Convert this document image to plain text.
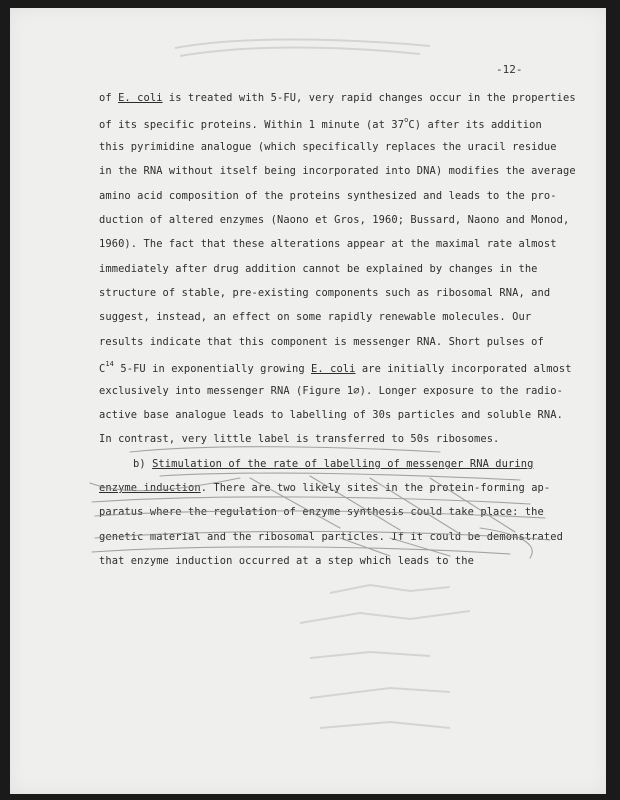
-12-
of E. coli is treated with 5-FU, very rapid changes occur in the properties
of its specific proteins. Within 1 minute (at 37$^o$C) after its addition
this pyrimidine analogue (which specifically replaces the uracil residue
in the RNA without itself being incorporated into DNA) modifies the average
amino acid composition of the proteins synthesized and leads to the pro-
duction of altered enzymes (Naono et Gros, 1960; Bussard, Naono and Monod,
1960). The fact that these alterations appear at the maximal rate almost
immediately after drug addition cannot be explained by changes in the
structure of stable, pre-existing components such as ribosomal RNA, and
suggest, instead, an effect on some rapidly renewable molecules. Our
results indicate that this component is messenger RNA. Short pulses of
$C^{14}$ 5-FU in exponentially growing E. coli are initially incorporated almost
exclusively into messenger RNA (Figure 1∅). Longer exposure to the radio-
active base analogue leads to labelling of 30s particles and soluble RNA.
In contrast, very little label is transferred to 50s ribosomes.
b) Stimulation of the rate of labelling of messenger RNA during
enzyme induction. There are two likely sites in the protein-forming ap-
paratus where the regulation of enzyme synthesis could take place: the
genetic material and the ribosomal particles. If it could be demonstrated
that enzyme induction occurred at a step which leads to the
